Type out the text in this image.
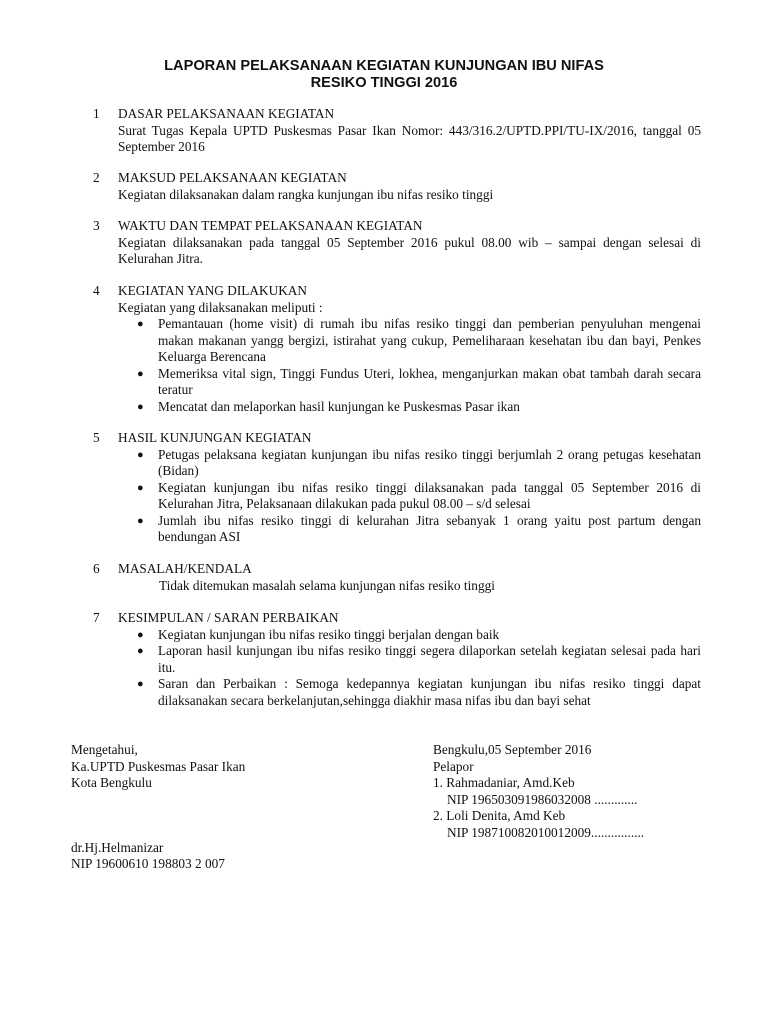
LAPORAN PELAKSANAAN KEGIATAN KUNJUNGAN IBU NIFAS
RESIKO TINGGI 2016
1	DASAR PELAKSANAAN KEGIATAN
Surat Tugas Kepala UPTD Puskesmas Pasar Ikan Nomor: 443/316.2/UPTD.PPI/TU-IX/2016, tanggal 05 September 2016
2	MAKSUD PELAKSANAAN KEGIATAN
Kegiatan dilaksanakan dalam rangka kunjungan ibu nifas resiko tinggi
3	WAKTU DAN TEMPAT PELAKSANAAN KEGIATAN
Kegiatan dilaksanakan pada tanggal 05 September 2016 pukul 08.00 wib – sampai dengan selesai di Kelurahan Jitra.
4	KEGIATAN YANG DILAKUKAN
Kegiatan yang dilaksanakan meliputi :
● Pemantauan (home visit) di rumah ibu nifas resiko tinggi dan pemberian penyuluhan mengenai makan makanan yangg bergizi, istirahat yang cukup, Pemeliharaan kesehatan ibu dan bayi, Penkes Keluarga Berencana
● Memeriksa vital sign, Tinggi Fundus Uteri, lokhea, menganjurkan makan obat tambah darah secara teratur
● Mencatat dan melaporkan hasil kunjungan ke Puskesmas Pasar ikan
5	HASIL KUNJUNGAN KEGIATAN
● Petugas pelaksana kegiatan kunjungan ibu nifas resiko tinggi berjumlah 2 orang petugas kesehatan (Bidan)
● Kegiatan kunjungan ibu nifas resiko tinggi dilaksanakan pada tanggal 05 September 2016 di Kelurahan Jitra, Pelaksanaan dilakukan pada pukul 08.00 – s/d selesai
● Jumlah ibu nifas resiko tinggi di kelurahan Jitra sebanyak 1 orang yaitu post partum dengan bendungan ASI
6	MASALAH/KENDALA
Tidak ditemukan masalah selama kunjungan nifas resiko tinggi
7	KESIMPULAN / SARAN PERBAIKAN
● Kegiatan kunjungan ibu nifas resiko tinggi berjalan dengan baik
● Laporan hasil kunjungan ibu nifas resiko tinggi segera dilaporkan setelah kegiatan selesai pada hari itu.
● Saran dan Perbaikan : Semoga kedepannya kegiatan kunjungan ibu nifas resiko tinggi dapat dilaksanakan secara berkelanjutan,sehingga diakhir masa nifas ibu dan bayi sehat
Mengetahui,
Ka.UPTD Puskesmas Pasar Ikan
Kota Bengkulu
dr.Hj.Helmanizar
NIP 19600610 198803 2 007
Bengkulu,05 September 2016
Pelapor
1. Rahmadaniar, Amd.Keb
NIP 196503091986032008 .............
2. Loli Denita, Amd Keb
NIP 198710082010012009................
